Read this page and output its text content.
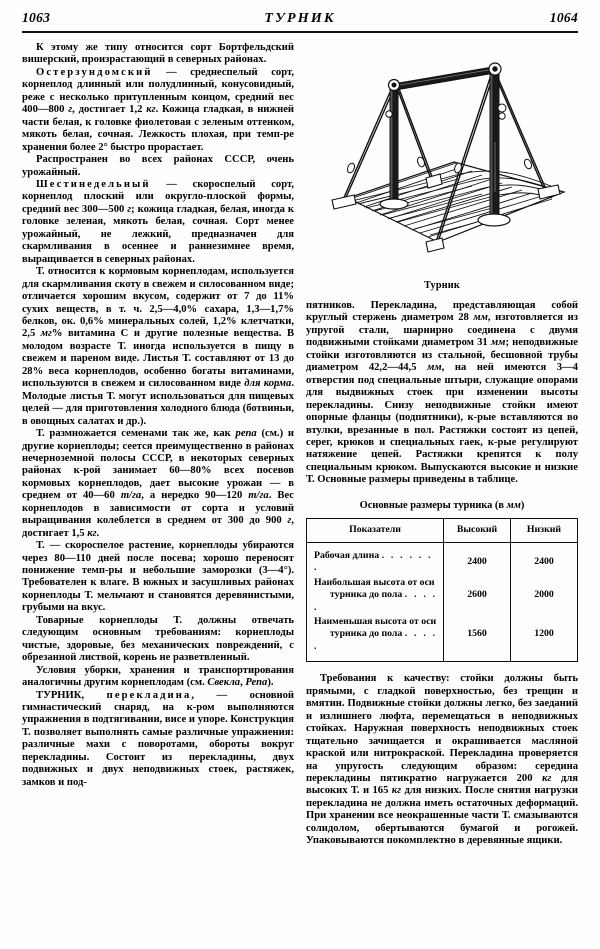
1063	ТУРНИК	1064

К этому же типу относится сорт Бортфельдский вишерский, произрастающий в северных районах.

Остерзундомский — среднеспелый сорт, корнеплод длинный или полудлинный, конусовидный, реже с несколько притупленным концом, средний вес 400—800 г, достигает 1,2 кг. Кожица гладкая, в нижней части белая, к головке фиолетовая с зеленым оттенком, мякоть белая, сочная. Лежкость плохая, при темп-ре хранения более 2° быстро прорастает.

Распространен во всех районах СССР, очень урожайный.

Шестинедельный — скороспелый сорт, корнеплод плоский или округло-плоской формы, средний вес 300—500 г; кожица гладкая, белая, иногда к головке зеленая, мякоть белая, сочная. Сорт менее урожайный, не лежкий, предназначен для скармливания в осеннее и раннезимнее время, выращивается в северных районах.

Т. относится к кормовым корнеплодам, используется для скармливания скоту в свежем и силосованном виде; отличается хорошим вкусом, содержит от 7 до 11% сухих веществ, в т. ч. 2,5—4,0% сахара, 1,3—1,7% белков, ок. 0,6% минеральных солей, 1,2% клетчатки, 2,5 мг% витамина С и другие полезные вещества. В молодом возрасте Т. иногда используется в пищу в свежем и пареном виде. Листья Т. составляют от 13 до 28% веса корнеплодов, особенно богаты витаминами, используются в свежем и силосованном виде для корма. Молодые листья Т. могут использоваться для пищевых целей — для приготовления холодного блюда (ботвиньи, в овощных салатах и др.).

Т. размножается семенами так же, как репа (см.) и другие корнеплоды; сеется преимущественно в районах нечерноземной полосы СССР, в некоторых северных районах к-рой занимает 60—80% всех посевов кормовых корнеплодов, дает высокие урожаи — в среднем от 40—60 т/га, а нередко 90—120 т/га. Вес корнеплодов в зависимости от сорта и условий выращивания колеблется в среднем от 300 до 900 г, достигает 1,5 кг.

Т. — скороспелое растение, корнеплоды убираются через 80—110 дней после посева; хорошо переносят понижение темп-ры и небольшие заморозки (3—4°). Требователен к влаге. В южных и засушливых районах корнеплоды Т. мельчают и становятся деревянистыми, грубыми на вкус.

Товарные корнеплоды Т. должны отвечать следующим основным требованиям: корнеплоды чистые, здоровые, без механических повреждений, с обрезанной листвой, корень не разветвленный.

Условия уборки, хранения и транспортирования аналогичны другим корнеплодам (см. Свекла, Репа).

ТУРНИК, перекладина, — основной гимнастический снаряд, на к-ром выполняются упражнения в подтягивании, висе и упоре. Конструкция Т. позволяет выполнять самые различные упражнения: различные махи с поворотами, обороты вокруг перекладины. Состоит из перекладины, двух подвижных и двух неподвижных стоек, растяжек, замков и под-

Турник

пятников. Перекладина, представляющая собой круглый стержень диаметром 28 мм, изготовляется из упругой стали, шарнирно соединена с двумя подвижными стойками диаметром 31 мм; неподвижные стойки изготовляются из стальной, бесшовной трубы диаметром 42,2—44,5 мм, на ней имеются 3—4 отверстия под специальные штыри, служащие опорами для выдвижных стоек при изменении высоты перекладины. Снизу неподвижные стойки имеют опорные фланцы (подпятники), к-рые вставляются во втулки, врезанные в пол. Растяжки состоят из цепей, серег, крюков и специальных гаек, к-рые регулируют натяжение цепей. Растяжки крепятся к полу специальным крюком. Выпускаются высокие и низкие Т. Основные размеры приведены в таблице.

Основные размеры турника (в мм)
Показатели	Высокий	Низкий
Рабочая длина . . . . . . .	2400	2400
Наибольшая высота от оси
турника до пола . . . . .	2600	2000
Наименьшая высота от оси
турника до пола . . . . .	1560	1200

Требования к качеству: стойки должны быть прямыми, с гладкой поверхностью, без трещин и вмятин. Подвижные стойки должны легко, без заеданий и излишнего люфта, перемещаться в неподвижных стойках. Наружная поверхность неподвижных стоек тщательно зачищается и окрашивается масляной краской или нитрокраской. Перекладина проверяется на упругость следующим образом: середина перекладины пятикратно нагружается 200 кг для высоких Т. и 165 кг для низких. После снятия нагрузки перекладина не должна иметь остаточных деформаций. При хранении все неокрашенные части Т. смазываются солидолом, обертываются бумагой и рогожей. Упаковываются покомплектно в деревянные ящики.
